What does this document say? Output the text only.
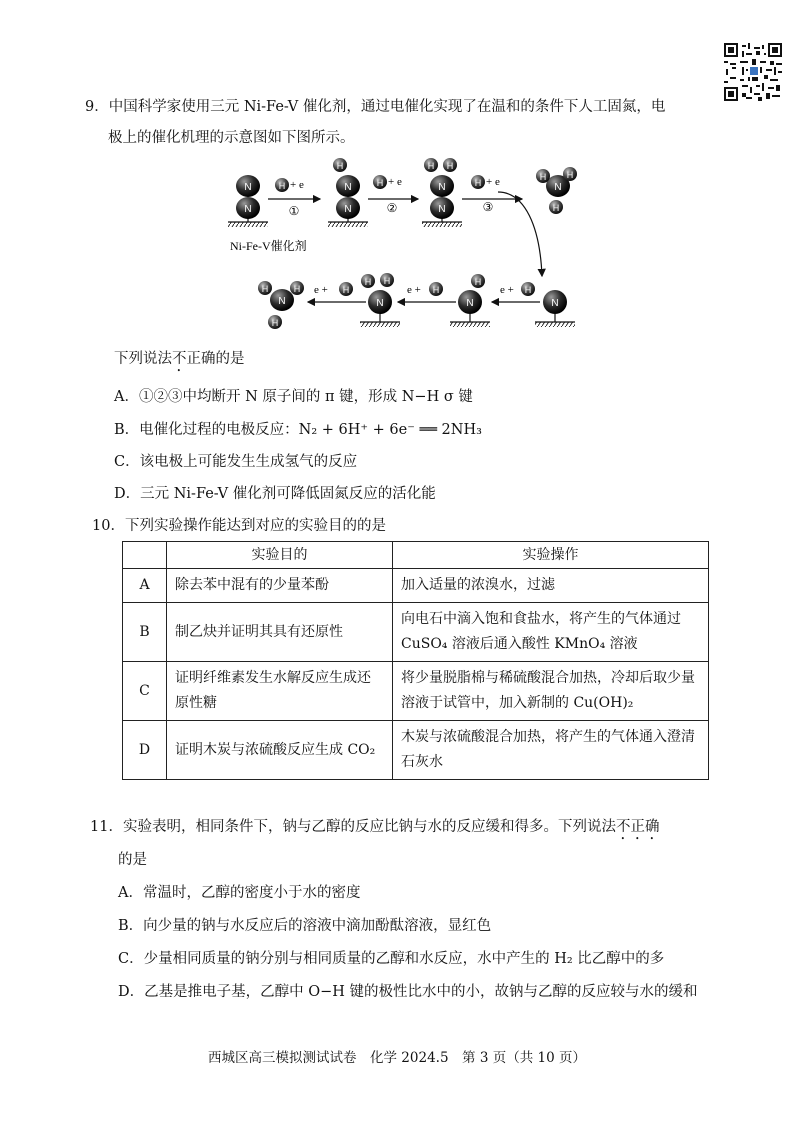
9．中国科学家使用三元 Ni-Fe-V 催化剂，通过电催化实现了在温和的条件下人工固氮，电
极上的催化机理的示意图如下图所示。
N
N
Ni-Fe-V催化剂
H + e
①
H
N
N
H + e
②
H H
N
N
H + e
③
H H
H
N
N
e + H
H
N
e + H
H H
N
e + H
H	H
H
N
下列说法不正确的是
A．①②③中均断开 N 原子间的 π 键，形成 N−H σ 键
B．电催化过程的电极反应：N₂ + 6H⁺ + 6e⁻ ══ 2NH₃
C．该电极上可能发生生成氢气的反应
D．三元 Ni-Fe-V 催化剂可降低固氮反应的活化能
10．下列实验操作能达到对应的实验目的的是
	实验目的	实验操作
A	除去苯中混有的少量苯酚	加入适量的浓溴水，过滤
B	制乙炔并证明其具有还原性	向电石中滴入饱和食盐水，将产生的气体通过 CuSO₄ 溶液后通入酸性 KMnO₄ 溶液
C	证明纤维素发生水解反应生成还原性糖	将少量脱脂棉与稀硫酸混合加热，冷却后取少量溶液于试管中，加入新制的 Cu(OH)₂
D	证明木炭与浓硫酸反应生成 CO₂	木炭与浓硫酸混合加热，将产生的气体通入澄清石灰水
11．实验表明，相同条件下，钠与乙醇的反应比钠与水的反应缓和得多。下列说法不正确
的是
A．常温时，乙醇的密度小于水的密度
B．向少量的钠与水反应后的溶液中滴加酚酞溶液，显红色
C．少量相同质量的钠分别与相同质量的乙醇和水反应，水中产生的 H₂ 比乙醇中的多
D．乙基是推电子基，乙醇中 O−H 键的极性比水中的小，故钠与乙醇的反应较与水的缓和
西城区高三模拟测试试卷　化学 2024.5　第 3 页（共 10 页）
